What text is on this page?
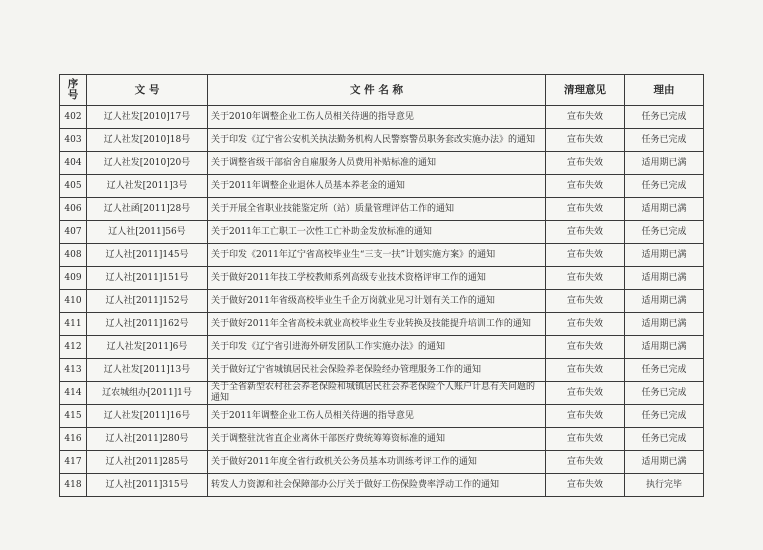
序号	文 号	文 件 名 称	清理意见	理由
402	辽人社发[2010]17号	关于2010年调整企业工伤人员相关待遇的指导意见	宣布失效	任务已完成
403	辽人社发[2010]18号	关于印发《辽宁省公安机关执法勤务机构人民警察警员职务套改实施办法》的通知	宣布失效	任务已完成
404	辽人社发[2010]20号	关于调整省级干部宿舍自雇服务人员费用补贴标准的通知	宣布失效	适用期已满
405	辽人社发[2011]3号	关于2011年调整企业退休人员基本养老金的通知	宣布失效	任务已完成
406	辽人社函[2011]28号	关于开展全省职业技能鉴定所（站）质量管理评估工作的通知	宣布失效	适用期已满
407	辽人社[2011]56号	关于2011年工亡职工一次性工亡补助金发放标准的通知	宣布失效	任务已完成
408	辽人社[2011]145号	关于印发《2011年辽宁省高校毕业生“三支一扶”计划实施方案》的通知	宣布失效	适用期已满
409	辽人社[2011]151号	关于做好2011年技工学校教师系列高级专业技术资格评审工作的通知	宣布失效	适用期已满
410	辽人社[2011]152号	关于做好2011年省级高校毕业生千企万岗就业见习计划有关工作的通知	宣布失效	适用期已满
411	辽人社[2011]162号	关于做好2011年全省高校未就业高校毕业生专业转换及技能提升培训工作的通知	宣布失效	适用期已满
412	辽人社发[2011]6号	关于印发《辽宁省引进海外研发团队工作实施办法》的通知	宣布失效	适用期已满
413	辽人社发[2011]13号	关于做好辽宁省城镇居民社会保险养老保险经办管理服务工作的通知	宣布失效	任务已完成
414	辽农城组办[2011]1号	关于全省新型农村社会养老保险和城镇居民社会养老保险个人账户计息有关问题的通知	宣布失效	任务已完成
415	辽人社发[2011]16号	关于2011年调整企业工伤人员相关待遇的指导意见	宣布失效	任务已完成
416	辽人社[2011]280号	关于调整驻沈省直企业离休干部医疗费统筹筹资标准的通知	宣布失效	任务已完成
417	辽人社[2011]285号	关于做好2011年度全省行政机关公务员基本功训练考评工作的通知	宣布失效	适用期已满
418	辽人社[2011]315号	转发人力资源和社会保障部办公厅关于做好工伤保险费率浮动工作的通知	宣布失效	执行完毕
